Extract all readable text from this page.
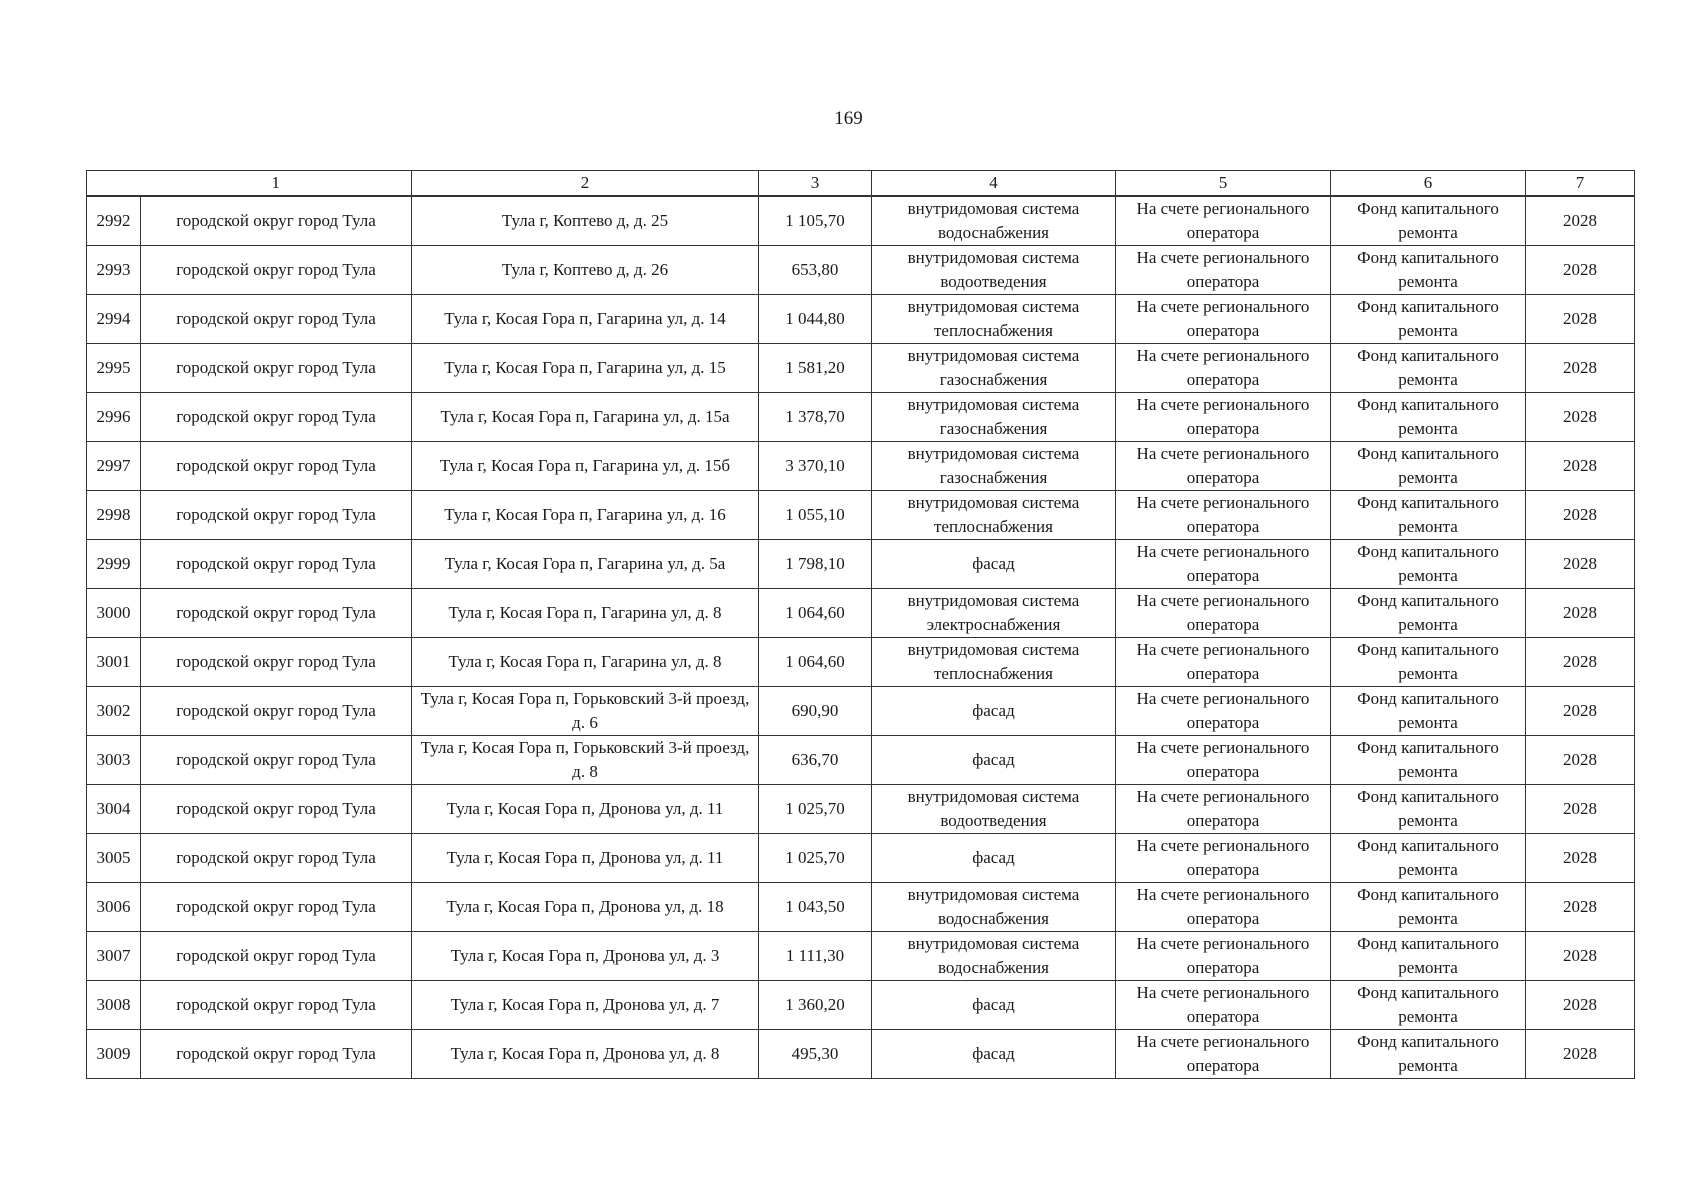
169
	1	2	3	4	5	6	7
2992	городской округ город Тула	Тула г, Коптево д, д. 25	1 105,70	внутридомовая система водоснабжения	На счете регионального оператора	Фонд капитального ремонта	2028
2993	городской округ город Тула	Тула г, Коптево д, д. 26	653,80	внутридомовая система водоотведения	На счете регионального оператора	Фонд капитального ремонта	2028
2994	городской округ город Тула	Тула г, Косая Гора п, Гагарина ул, д. 14	1 044,80	внутридомовая система теплоснабжения	На счете регионального оператора	Фонд капитального ремонта	2028
2995	городской округ город Тула	Тула г, Косая Гора п, Гагарина ул, д. 15	1 581,20	внутридомовая система газоснабжения	На счете регионального оператора	Фонд капитального ремонта	2028
2996	городской округ город Тула	Тула г, Косая Гора п, Гагарина ул, д. 15а	1 378,70	внутридомовая система газоснабжения	На счете регионального оператора	Фонд капитального ремонта	2028
2997	городской округ город Тула	Тула г, Косая Гора п, Гагарина ул, д. 15б	3 370,10	внутридомовая система газоснабжения	На счете регионального оператора	Фонд капитального ремонта	2028
2998	городской округ город Тула	Тула г, Косая Гора п, Гагарина ул, д. 16	1 055,10	внутридомовая система теплоснабжения	На счете регионального оператора	Фонд капитального ремонта	2028
2999	городской округ город Тула	Тула г, Косая Гора п, Гагарина ул, д. 5а	1 798,10	фасад	На счете регионального оператора	Фонд капитального ремонта	2028
3000	городской округ город Тула	Тула г, Косая Гора п, Гагарина ул, д. 8	1 064,60	внутридомовая система электроснабжения	На счете регионального оператора	Фонд капитального ремонта	2028
3001	городской округ город Тула	Тула г, Косая Гора п, Гагарина ул, д. 8	1 064,60	внутридомовая система теплоснабжения	На счете регионального оператора	Фонд капитального ремонта	2028
3002	городской округ город Тула	Тула г, Косая Гора п, Горьковский 3-й проезд, д. 6	690,90	фасад	На счете регионального оператора	Фонд капитального ремонта	2028
3003	городской округ город Тула	Тула г, Косая Гора п, Горьковский 3-й проезд, д. 8	636,70	фасад	На счете регионального оператора	Фонд капитального ремонта	2028
3004	городской округ город Тула	Тула г, Косая Гора п, Дронова ул, д. 11	1 025,70	внутридомовая система водоотведения	На счете регионального оператора	Фонд капитального ремонта	2028
3005	городской округ город Тула	Тула г, Косая Гора п, Дронова ул, д. 11	1 025,70	фасад	На счете регионального оператора	Фонд капитального ремонта	2028
3006	городской округ город Тула	Тула г, Косая Гора п, Дронова ул, д. 18	1 043,50	внутридомовая система водоснабжения	На счете регионального оператора	Фонд капитального ремонта	2028
3007	городской округ город Тула	Тула г, Косая Гора п, Дронова ул, д. 3	1 111,30	внутридомовая система водоснабжения	На счете регионального оператора	Фонд капитального ремонта	2028
3008	городской округ город Тула	Тула г, Косая Гора п, Дронова ул, д. 7	1 360,20	фасад	На счете регионального оператора	Фонд капитального ремонта	2028
3009	городской округ город Тула	Тула г, Косая Гора п, Дронова ул, д. 8	495,30	фасад	На счете регионального оператора	Фонд капитального ремонта	2028
